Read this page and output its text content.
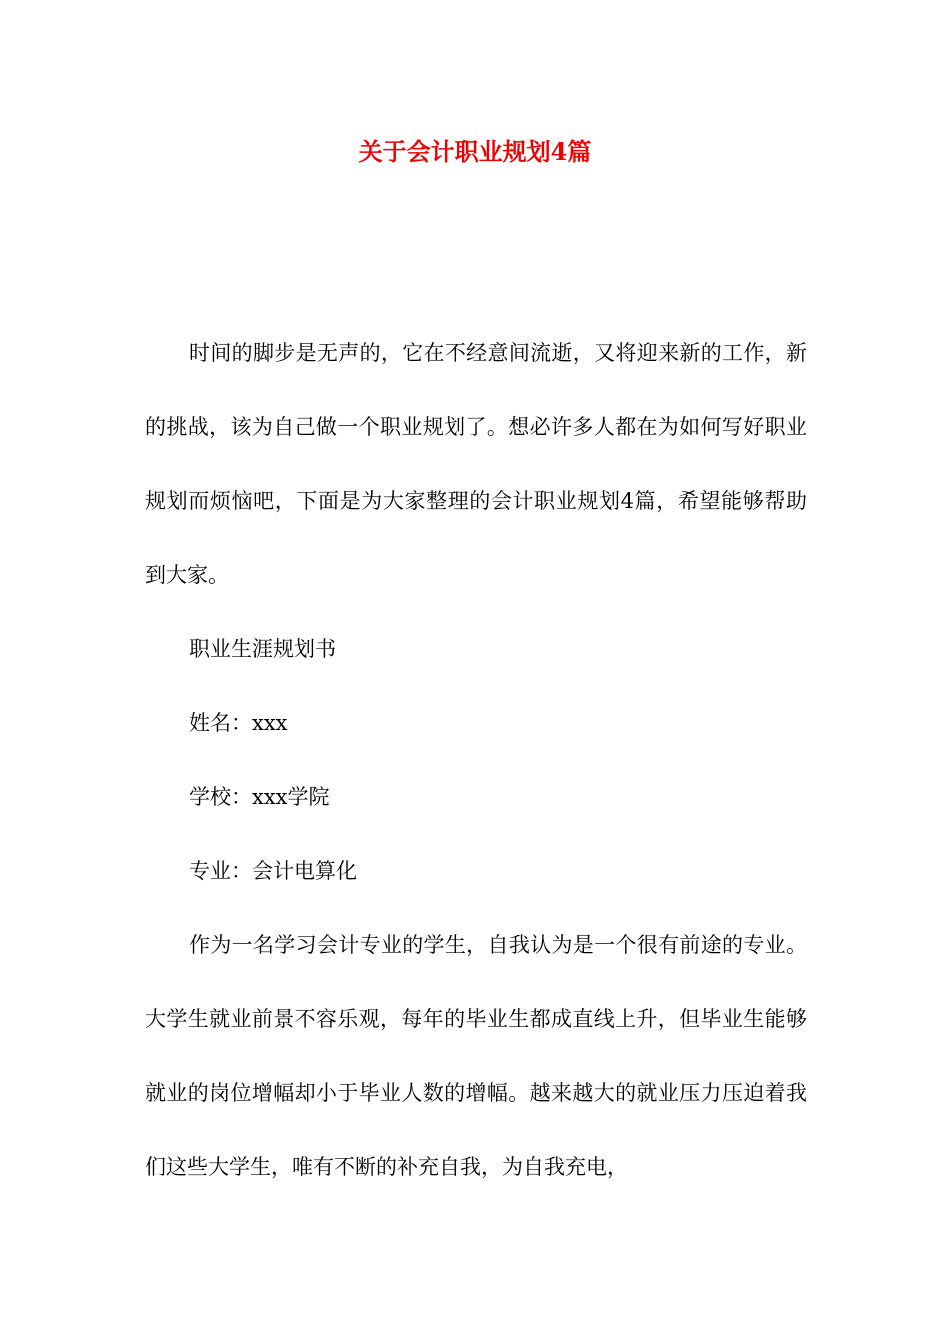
关于会计职业规划4篇

时间的脚步是无声的，它在不经意间流逝，又将迎来新的工作，新的挑战，该为自己做一个职业规划了。想必许多人都在为如何写好职业规划而烦恼吧，下面是为大家整理的会计职业规划4篇，希望能够帮助到大家。

职业生涯规划书

姓名：xxx

学校：xxx学院

专业：会计电算化

作为一名学习会计专业的学生，自我认为是一个很有前途的专业。大学生就业前景不容乐观，每年的毕业生都成直线上升，但毕业生能够就业的岗位增幅却小于毕业人数的增幅。越来越大的就业压力压迫着我们这些大学生，唯有不断的补充自我，为自我充电，
